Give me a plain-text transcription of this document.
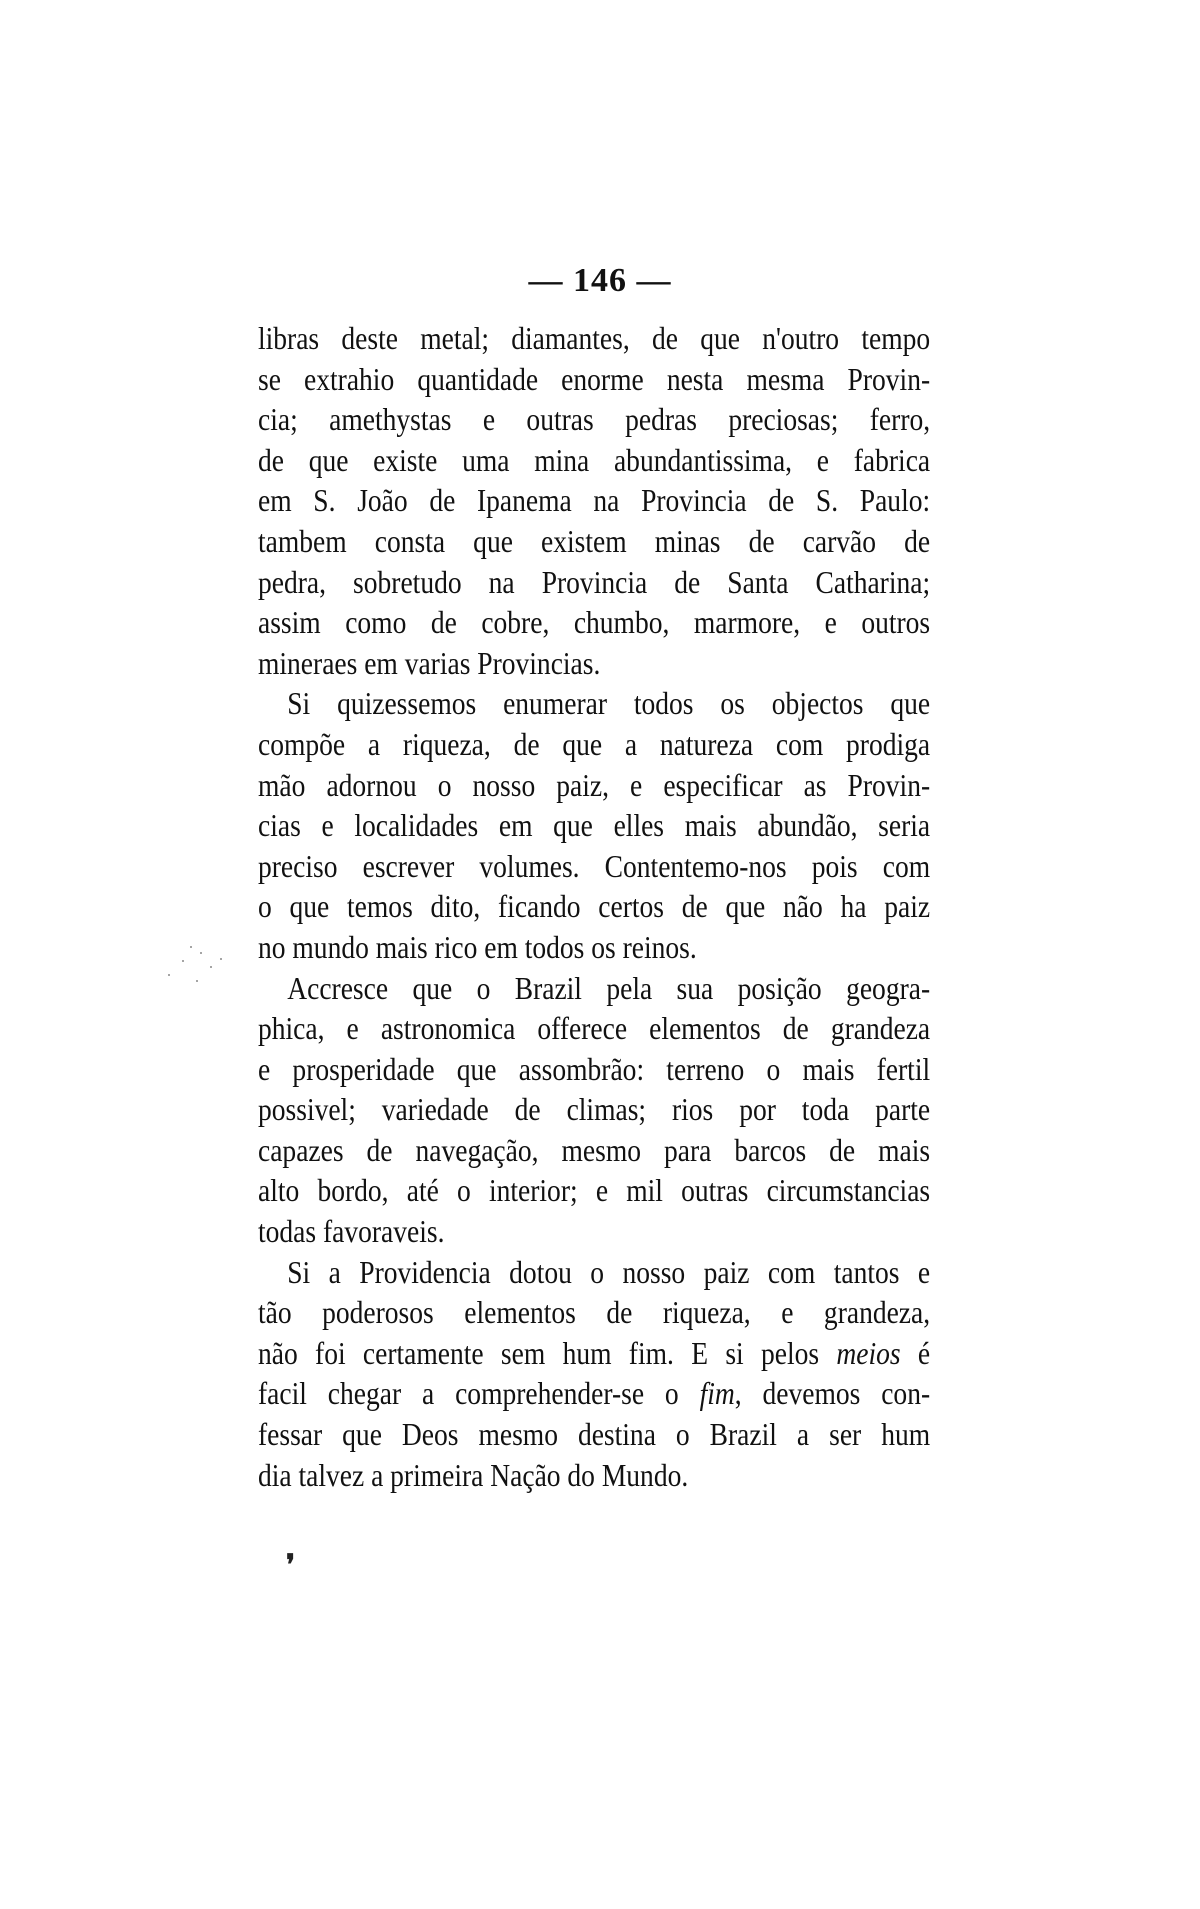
— 146 —
libras deste metal; diamantes, de que n'outro tempo
se extrahio quantidade enorme nesta mesma Provin-
cia; amethystas e outras pedras preciosas; ferro,
de que existe uma mina abundantissima, e fabrica
em S. João de Ipanema na Provincia de S. Paulo:
tambem consta que existem minas de carvão de
pedra, sobretudo na Provincia de Santa Catharina;
assim como de cobre, chumbo, marmore, e outros
mineraes em varias Provincias.
Si quizessemos enumerar todos os objectos que
compõe a riqueza, de que a natureza com prodiga
mão adornou o nosso paiz, e especificar as Provin-
cias e localidades em que elles mais abundão, seria
preciso escrever volumes. Contentemo-nos pois com
o que temos dito, ficando certos de que não ha paiz
no mundo mais rico em todos os reinos.
Accresce que o Brazil pela sua posição geogra-
phica, e astronomica offerece elementos de grandeza
e prosperidade que assombrão: terreno o mais fertil
possivel; variedade de climas; rios por toda parte
capazes de navegação, mesmo para barcos de mais
alto bordo, até o interior; e mil outras circumstancias
todas favoraveis.
Si a Providencia dotou o nosso paiz com tantos e
tão poderosos elementos de riqueza, e grandeza,
não foi certamente sem hum fim. E si pelos meios é
facil chegar a comprehender-se o fim, devemos con-
fessar que Deos mesmo destina o Brazil a ser hum
dia talvez a primeira Nação do Mundo.
❜
